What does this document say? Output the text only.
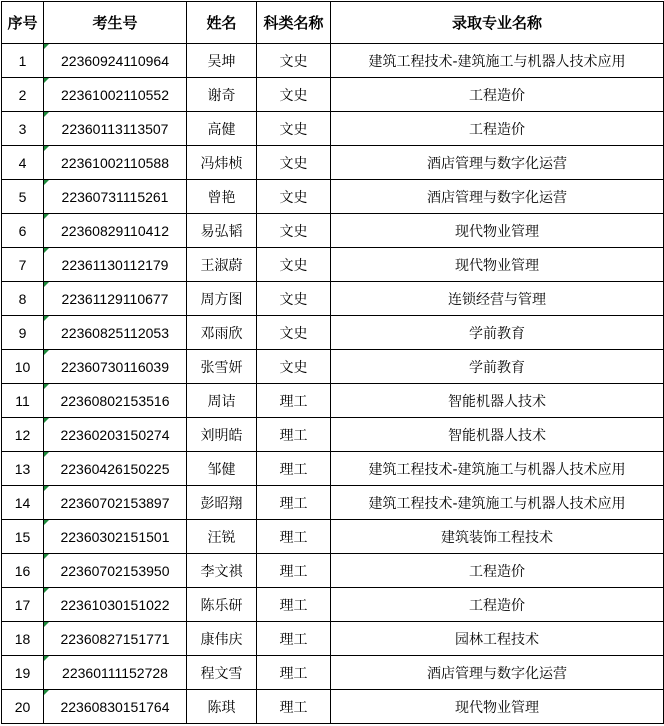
序号	考生号	姓名	科类名称	录取专业名称
1	22360924110964	吴坤	文史	建筑工程技术-建筑施工与机器人技术应用
2	22361002110552	谢奇	文史	工程造价
3	22360113113507	高健	文史	工程造价
4	22361002110588	冯炜桢	文史	酒店管理与数字化运营
5	22360731115261	曾艳	文史	酒店管理与数字化运营
6	22360829110412	易弘韬	文史	现代物业管理
7	22361130112179	王淑蔚	文史	现代物业管理
8	22361129110677	周方图	文史	连锁经营与管理
9	22360825112053	邓雨欣	文史	学前教育
10	22360730116039	张雪妍	文史	学前教育
11	22360802153516	周诘	理工	智能机器人技术
12	22360203150274	刘明皓	理工	智能机器人技术
13	22360426150225	邹健	理工	建筑工程技术-建筑施工与机器人技术应用
14	22360702153897	彭昭翔	理工	建筑工程技术-建筑施工与机器人技术应用
15	22360302151501	汪锐	理工	建筑装饰工程技术
16	22360702153950	李文祺	理工	工程造价
17	22361030151022	陈乐研	理工	工程造价
18	22360827151771	康伟庆	理工	园林工程技术
19	22360111152728	程文雪	理工	酒店管理与数字化运营
20	22360830151764	陈琪	理工	现代物业管理
